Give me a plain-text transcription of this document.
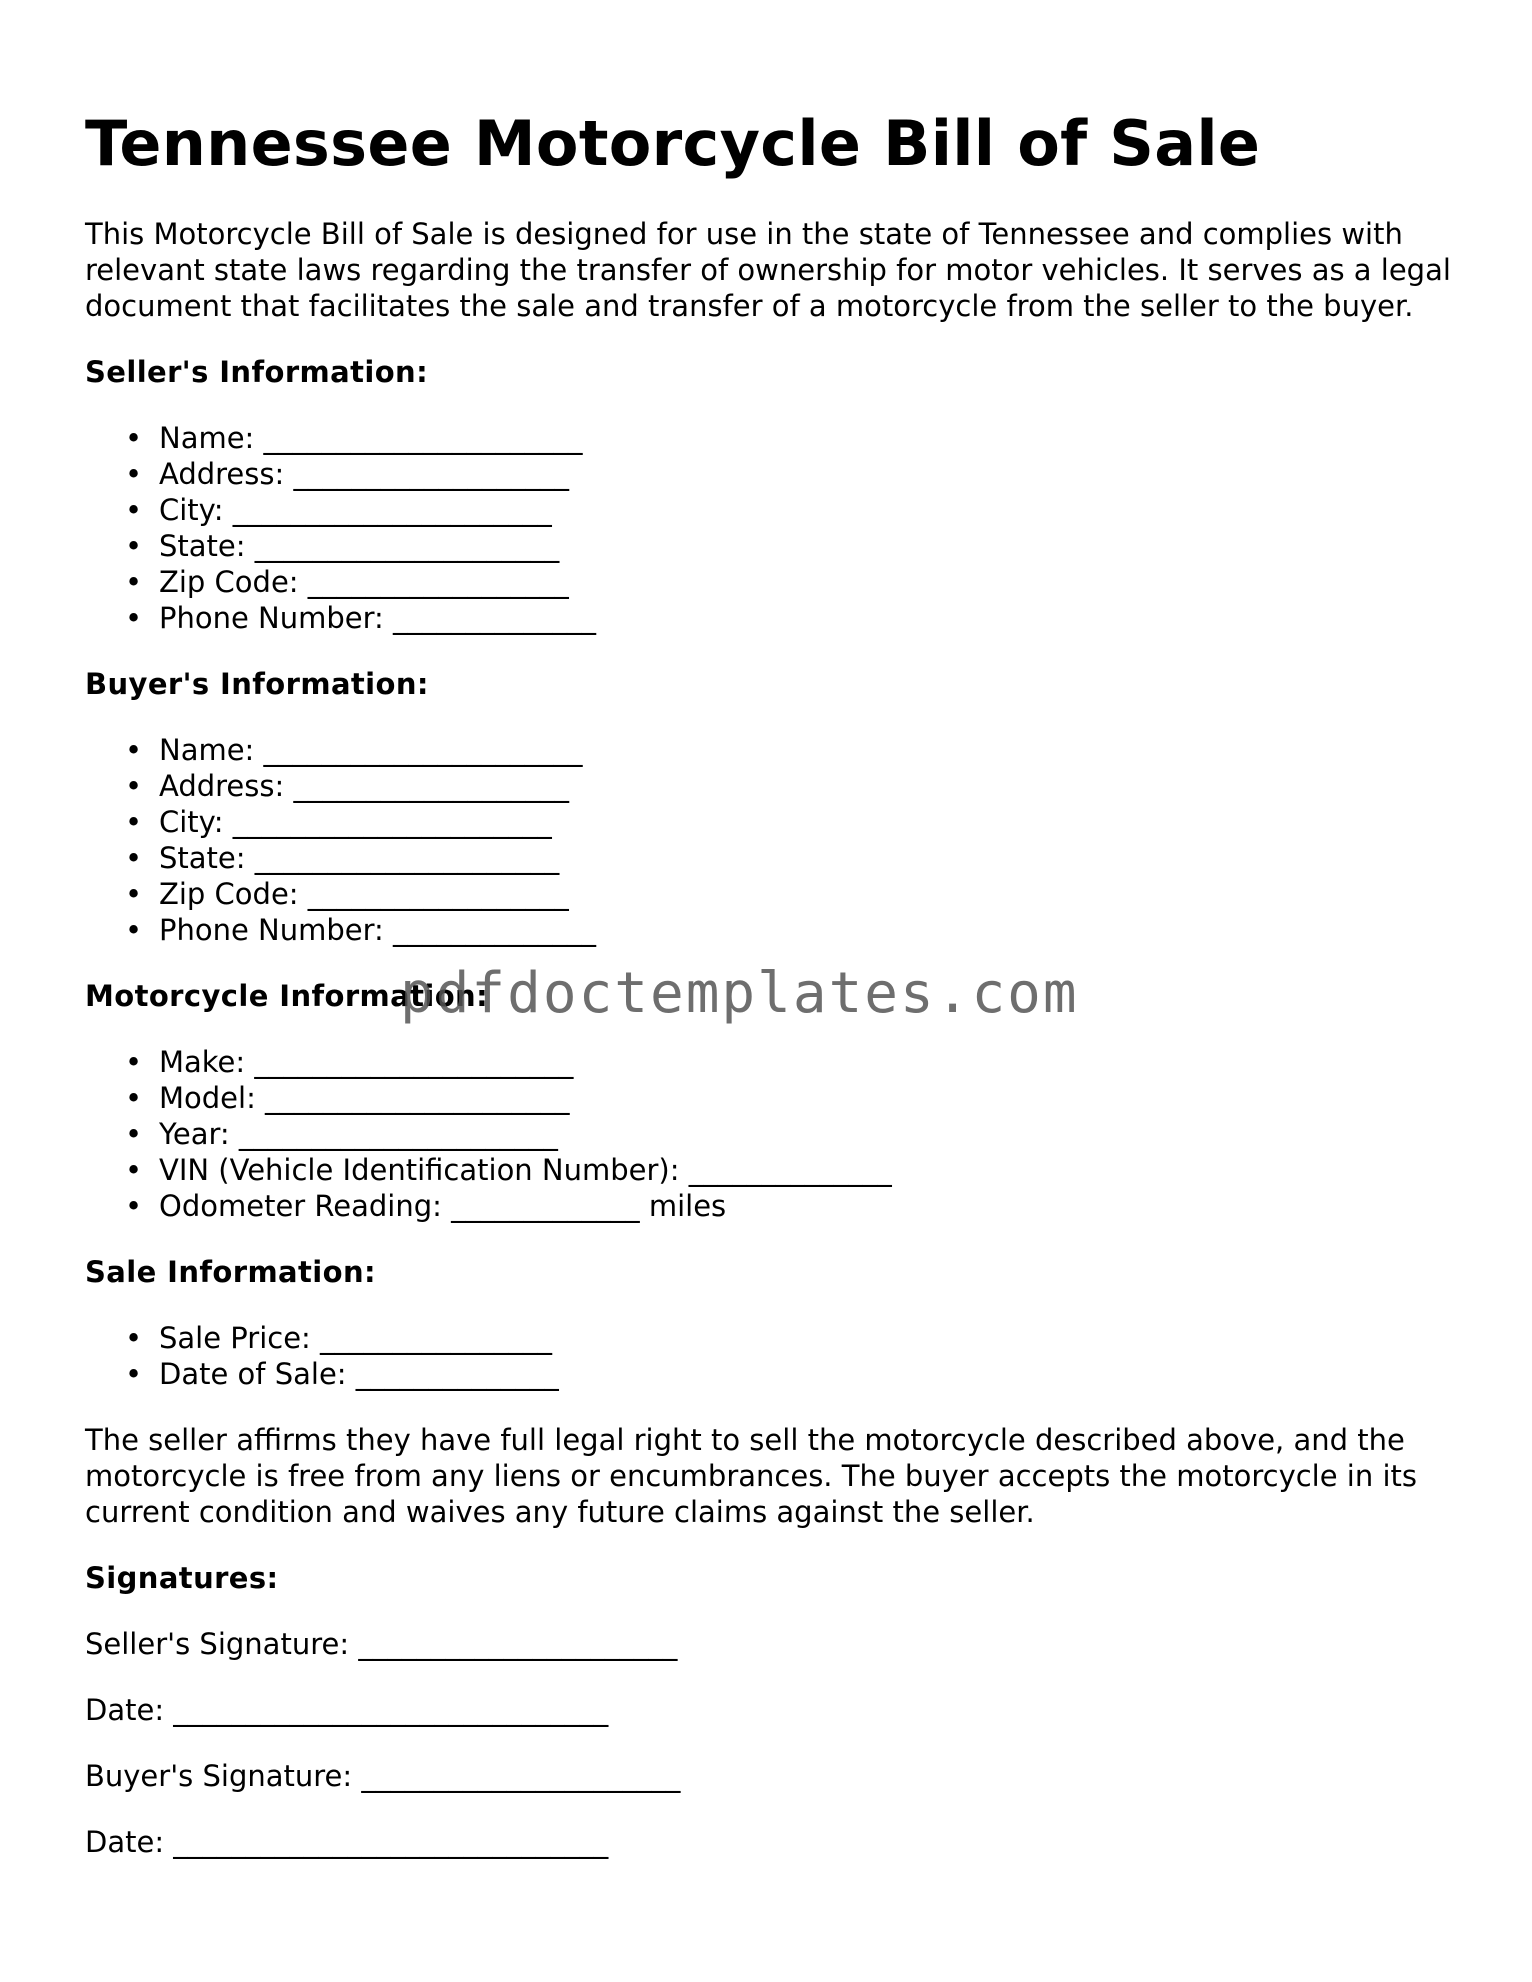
Tennessee Motorcycle Bill of Sale

This Motorcycle Bill of Sale is designed for use in the state of Tennessee and complies with relevant state laws regarding the transfer of ownership for motor vehicles. It serves as a legal document that facilitates the sale and transfer of a motorcycle from the seller to the buyer.

Seller's Information:
• Name: ______________________
• Address: ___________________
• City: ______________________
• State: _____________________
• Zip Code: __________________
• Phone Number: ______________
Buyer's Information:
• Name: ______________________
• Address: ___________________
• City: ______________________
• State: _____________________
• Zip Code: __________________
• Phone Number: ______________
Motorcycle Information:
• Make: ______________________
• Model: _____________________
• Year: ______________________
• VIN (Vehicle Identification Number): ______________
• Odometer Reading: _____________ miles
Sale Information:
• Sale Price: ________________
• Date of Sale: ______________

The seller affirms they have full legal right to sell the motorcycle described above, and the motorcycle is free from any liens or encumbrances. The buyer accepts the motorcycle in its current condition and waives any future claims against the seller.

Signatures:
Seller's Signature: ______________________
Date: ______________________________
Buyer's Signature: ______________________
Date: ______________________________
pdfdoctemplates.com
